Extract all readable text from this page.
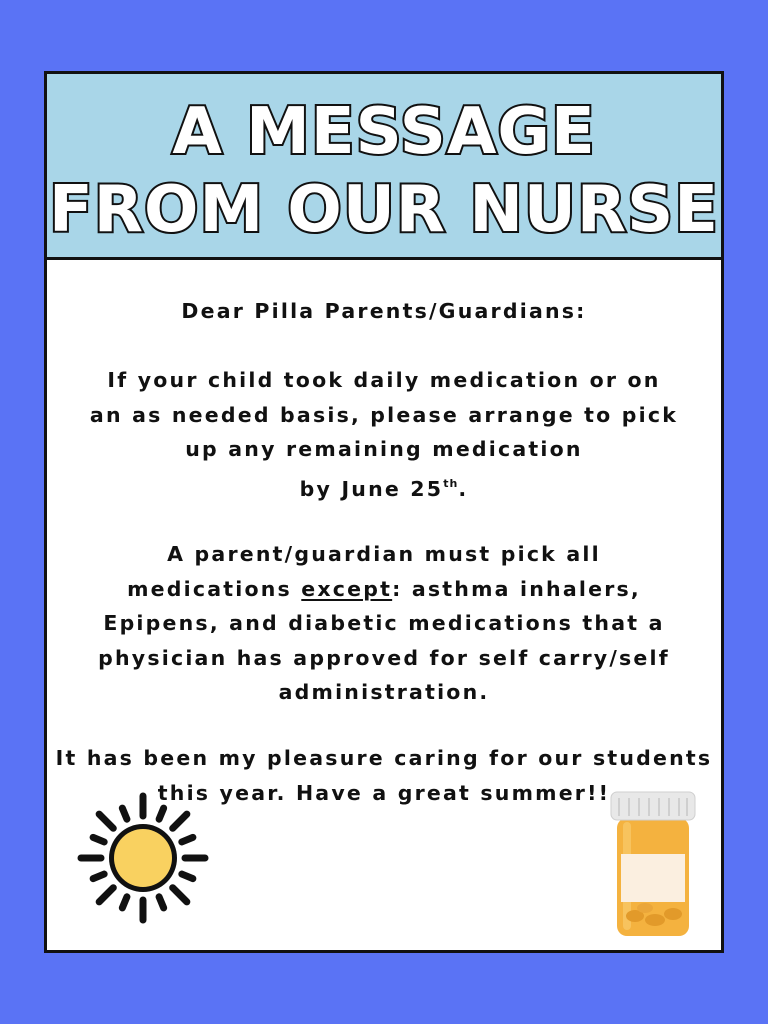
A MESSAGE
FROM OUR NURSE
Dear Pilla Parents/Guardians:
If your child took daily medication or on
an as needed basis, please arrange to pick
up any remaining medication
by June 25th.
A parent/guardian must pick all
medications except: asthma inhalers,
Epipens, and diabetic medications that a
physician has approved for self carry/self
administration.
It has been my pleasure caring for our students
this year. Have a great summer!!
